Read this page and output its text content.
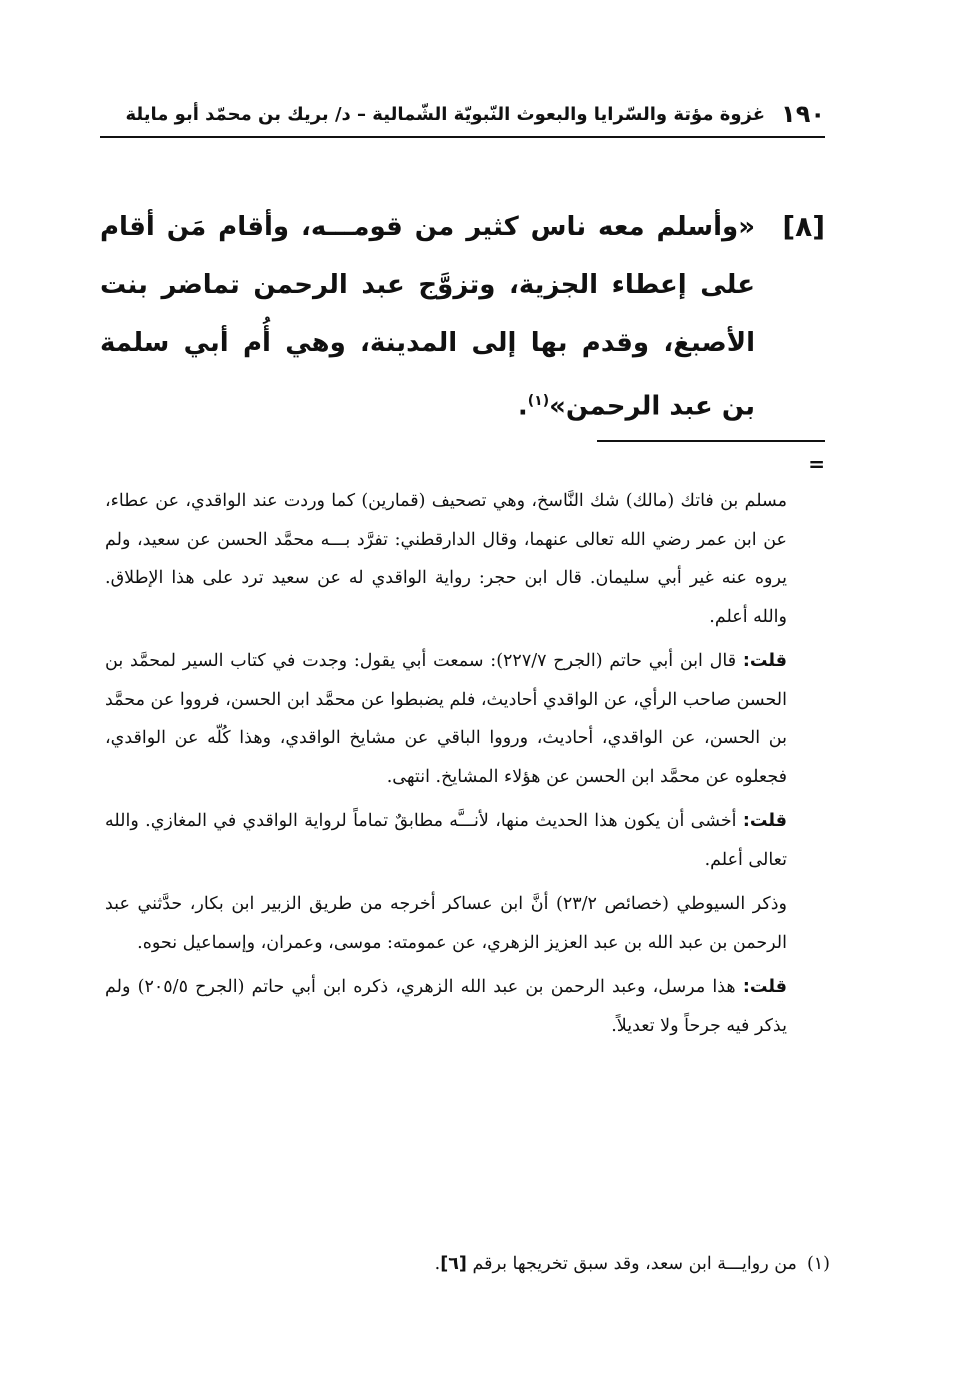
١٩٠
غزوة مؤتة والسّرايا والبعوث النّبويّة الشّمالية – د/ بريك بن محمّد أبو مايلة
[٨]
«وأسلم معه ناس كثير من قومـــه، وأقام مَن أقام على إعطاء الجزية، وتزوَّج عبد الرحمن تماضر بنت الأصبغ، وقدم بها إلى المدينة، وهي أُم أبي سلمة بن عبد الرحمن»$^{(١)}$.
=

مسلم بن فاتك (مالك) شك النَّاسخ، وهي تصحيف (قمارين) كما وردت عند الواقدي، عن عطاء، عن ابن عمر رضي الله تعالى عنهما، وقال الدارقطني: تفرَّد بـــه محمَّد الحسن عن سعيد، ولم يروه عنه غير أبي سليمان. قال ابن حجر: رواية الواقدي له عن سعيد ترد على هذا الإطلاق. والله أعلم.

قلت: قال ابن أبي حاتم (الجرح ٢٢٧/٧): سمعت أبي يقول: وجدت في كتاب السير لمحمَّد بن الحسن صاحب الرأي، عن الواقدي أحاديث، فلم يضبطوا عن محمَّد ابن الحسن، فرووا عن محمَّد بن الحسن، عن الواقدي، أحاديث، ورووا الباقي عن مشايخ الواقدي، وهذا كُلّه عن الواقدي، فجعلوه عن محمَّد ابن الحسن عن هؤلاء المشايخ. انتهى.

قلت: أخشى أن يكون هذا الحديث منها، لأنـــَّه مطابقٌ تماماً لرواية الواقدي في المغازي. والله تعالى أعلم.

وذكر السيوطي (خصائص ٢٣/٢) أنَّ ابن عساكر أخرجه من طريق الزبير ابن بكار، حدَّثني عبد الرحمن بن عبد الله بن عبد العزيز الزهري، عن عمومته: موسى، وعمران، وإسماعيل نحوه.

قلت: هذا مرسل، وعبد الرحمن بن عبد الله الزهري، ذكره ابن أبي حاتم (الجرح ٢٠٥/٥) ولم يذكر فيه جرحاً ولا تعديلاً.

(١)من روايـــة ابن سعد، وقد سبق تخريجها برقم [٦].
